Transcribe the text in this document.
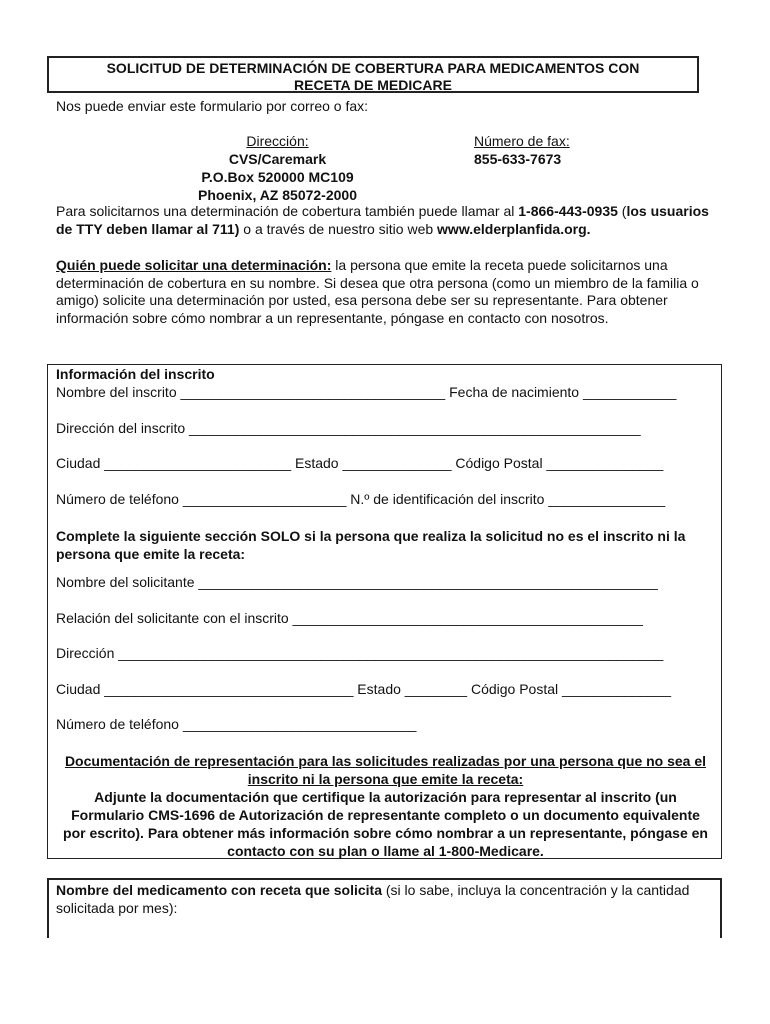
SOLICITUD DE DETERMINACIÓN DE COBERTURA PARA MEDICAMENTOS CON
RECETA DE MEDICARE
Nos puede enviar este formulario por correo o fax:
Dirección:
CVS/Caremark
P.O.Box 520000 MC109
Phoenix, AZ 85072-2000
Número de fax:
855-633-7673

Para solicitarnos una determinación de cobertura también puede llamar al 1-866-443-0935 (los usuarios de TTY deben llamar al 711) o a través de nuestro sitio web www.elderplanfida.org.

Quién puede solicitar una determinación: la persona que emite la receta puede solicitarnos una determinación de cobertura en su nombre. Si desea que otra persona (como un miembro de la familia o amigo) solicite una determinación por usted, esa persona debe ser su representante. Para obtener información sobre cómo nombrar a un representante, póngase en contacto con nosotros.

Información del inscrito
Nombre del inscrito __________________________________ Fecha de nacimiento ____________
Dirección del inscrito __________________________________________________________
Ciudad ________________________ Estado ______________ Código Postal _______________
Número de teléfono _____________________ N.º de identificación del inscrito _______________
Complete la siguiente sección SOLO si la persona que realiza la solicitud no es el inscrito ni la persona que emite la receta:
Nombre del solicitante ___________________________________________________________
Relación del solicitante con el inscrito _____________________________________________
Dirección ______________________________________________________________________
Ciudad ________________________________ Estado ________ Código Postal ______________
Número de teléfono ______________________________
Documentación de representación para las solicitudes realizadas por una persona que no sea el inscrito ni la persona que emite la receta:
Adjunte la documentación que certifique la autorización para representar al inscrito (un Formulario CMS-1696 de Autorización de representante completo o un documento equivalente por escrito). Para obtener más información sobre cómo nombrar a un representante, póngase en contacto con su plan o llame al 1-800-Medicare.
Nombre del medicamento con receta que solicita (si lo sabe, incluya la concentración y la cantidad solicitada por mes):
